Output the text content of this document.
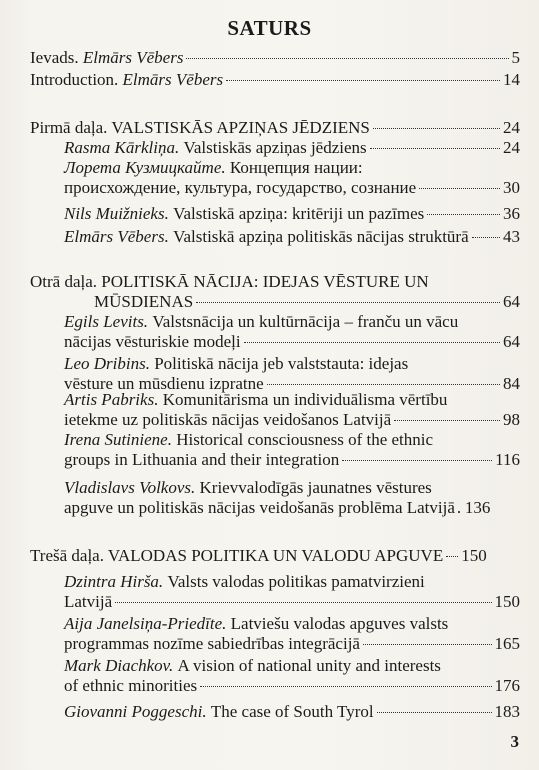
SATURS
Ievads.
Elmārs Vēbers	5
Introduction.
Elmārs Vēbers	14
Pirmā daļa. VALSTISKĀS APZIŅAS JĒDZIENS	24
Rasma Kārkliņa.
Valstiskās apziņas jēdziens	24
Лорета Кузмицкайте.
Концепция нации:
происхождение, культура, государство, сознание	30
Nils Muižnieks.
Valstiskā apziņa: kritēriji un pazīmes	36
Elmārs Vēbers.
Valstiskā apziņa politiskās nācijas struktūrā 43
Otrā daļa. POLITISKĀ NĀCIJA: IDEJAS VĒSTURE UN
MŪSDIENAS	64
Egils Levits.
Valstsnācija un kultūrnācija – franču un vācu
nācijas vēsturiskie modeļi	64
Leo Dribins.
Politiskā nācija jeb valststauta: idejas
vēsture un mūsdienu izpratne	84
Artis Pabriks.
Komunitārisma un individuālisma vērtību
ietekme uz politiskās nācijas veidošanos Latvijā	98
Irena Sutiniene.
Historical consciousness of the ethnic
groups in Lithuania and their integration	116
Vladislavs Volkovs.
Krievvalodīgās jaunatnes vēstures
apguve un politiskās nācijas veidošanās problēma Latvijā . 136
Trešā daļa. VALODAS POLITIKA UN VALODU APGUVE 150
Dzintra Hirša.
Valsts valodas politikas pamatvirzieni
Latvijā	150
Aija Janelsiņa-Priedīte.
Latviešu valodas apguves valsts
programmas nozīme sabiedrības integrācijā	165
Mark Diachkov.
A vision of national unity and interests
of ethnic minorities	176
Giovanni Poggeschi.
The case of South Tyrol	183
3
